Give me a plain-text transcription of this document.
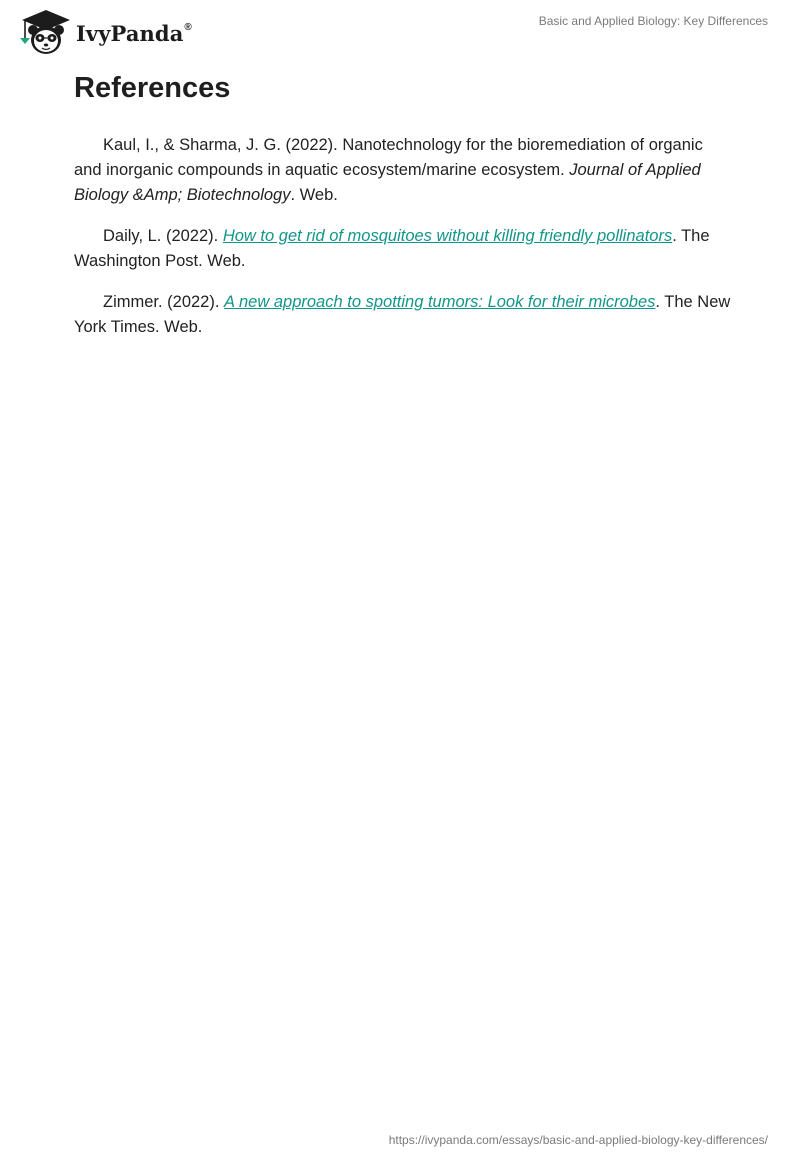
IvyPanda®	Basic and Applied Biology: Key Differences
References

Kaul, I., & Sharma, J. G. (2022). Nanotechnology for the bioremediation of organic and inorganic compounds in aquatic ecosystem/marine ecosystem. Journal of Applied Biology &Amp; Biotechnology. Web.

Daily, L. (2022). How to get rid of mosquitoes without killing friendly pollinators. The Washington Post. Web.

Zimmer. (2022). A new approach to spotting tumors: Look for their microbes. The New York Times. Web.

https://ivypanda.com/essays/basic-and-applied-biology-key-differences/
